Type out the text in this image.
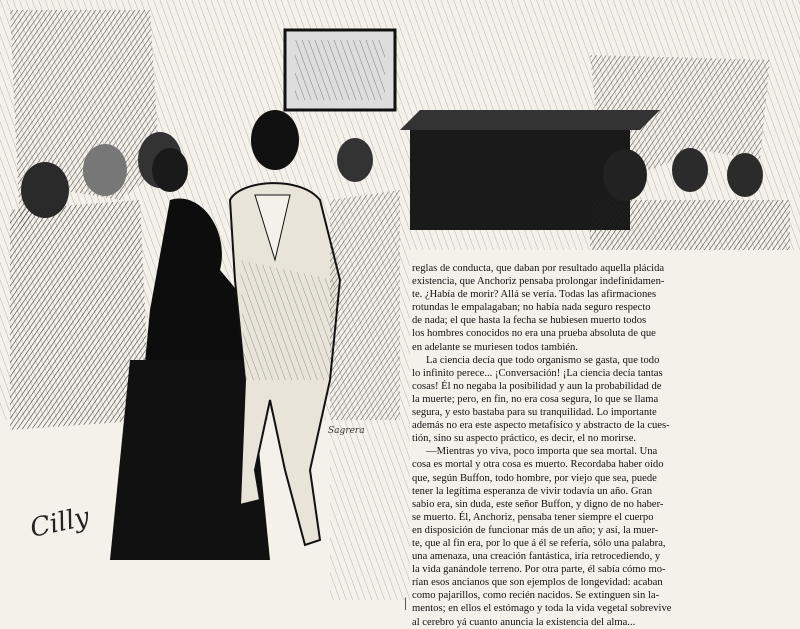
Cilly
Sagrera
reglas de conducta, que daban por resultado aquella plácida
existencia, que Anchoriz pensaba prolongar indefinidamen-
te. ¿Había de morir? Allá se vería. Todas las afirmaciones
rotundas le empalagaban; no había nada seguro respecto
de nada; el que hasta la fecha se hubiesen muerto todos
los hombres conocidos no era una prueba absoluta de que
en adelante se muriesen todos también.
La ciencia decía que todo organismo se gasta, que todo
lo infinito perece... ¡Conversación! ¡La ciencia decía tantas
cosas! Él no negaba la posibilidad y aun la probabilidad de
la muerte; pero, en fin, no era cosa segura, lo que se llama
segura, y esto bastaba para su tranquilidad. Lo importante
además no era este aspecto metafísico y abstracto de la cues-
tión, sino su aspecto práctico, es decir, el no morirse.
—Mientras yo viva, poco importa que sea mortal. Una
cosa es mortal y otra cosa es muerto. Recordaba haber oído
que, según Buffon, todo hombre, por viejo que sea, puede
tener la legítima esperanza de vivir todavía un año. Gran
sabio era, sin duda, este señor Buffon, y digno de no haber-
se muerto. Él, Anchoriz, pensaba tener siempre el cuerpo
en disposición de funcionar más de un año; y así, la muer-
te, que al fin era, por lo que á él se refería, sólo una palabra,
una amenaza, una creación fantástica, iría retrocediendo, y
la vida ganándole terreno. Por otra parte, él sabía cómo mo-
rían esos ancianos que son ejemplos de longevidad: acaban
como pajarillos, como recién nacidos. Se extinguen sin la-
mentos; en ellos el estómago y toda la vida vegetal sobrevive
al cerebro yá cuanto anuncia la existencia del alma...
|
